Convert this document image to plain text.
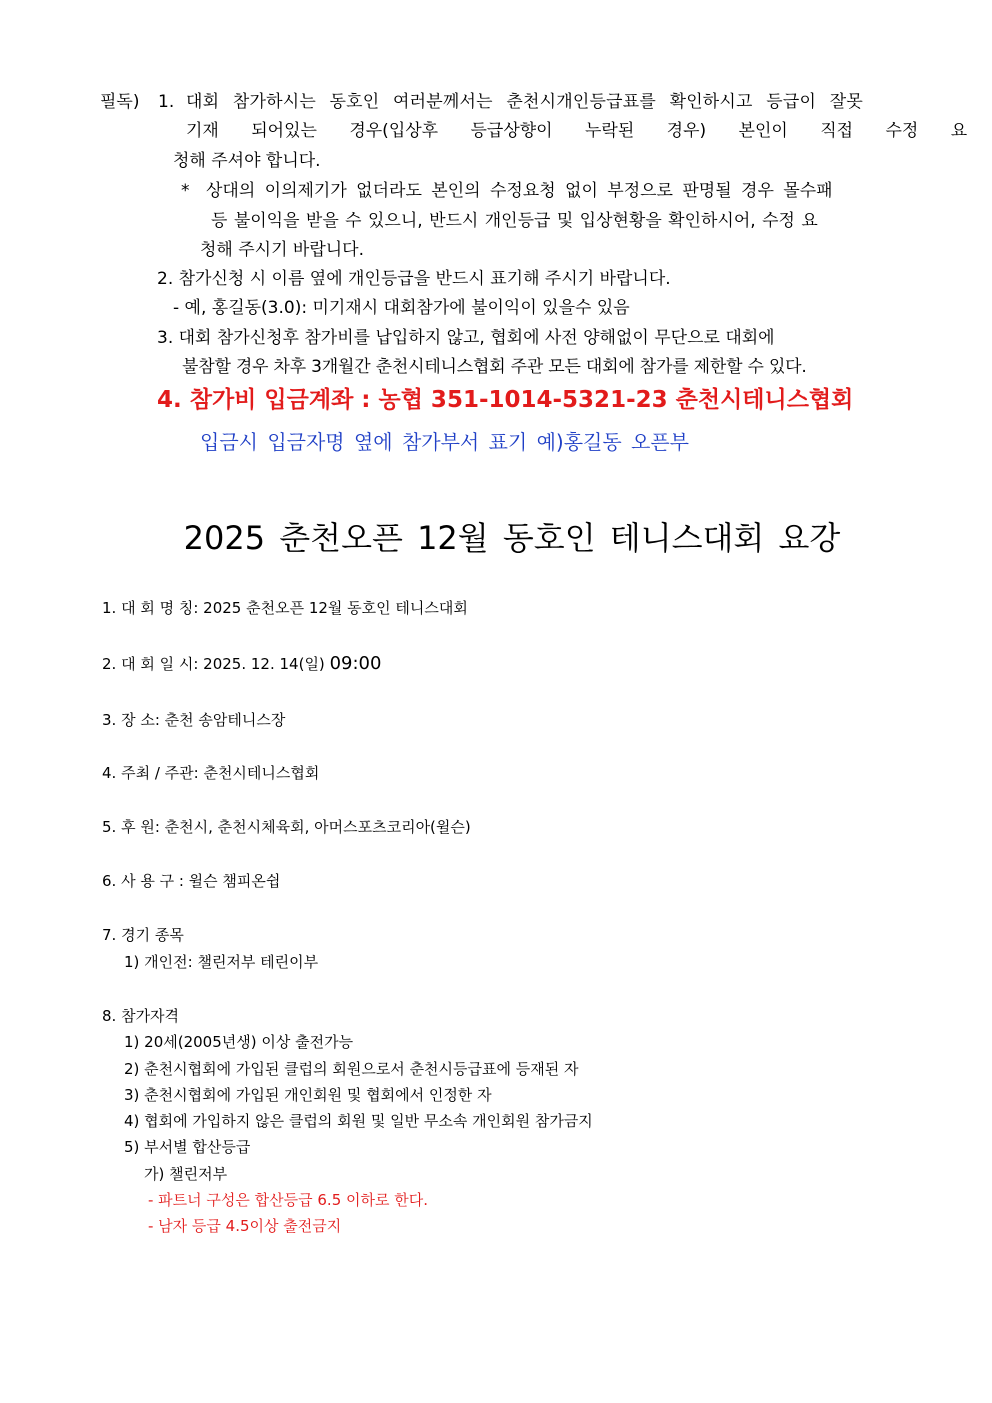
필독) 1. 대회 참가하시는 동호인 여러분께서는 춘천시개인등급표를 확인하시고 등급이 잘못
기재 되어있는 경우(입상후 등급상향이 누락된 경우) 본인이 직접 수정 요
청해 주셔야 합니다.
* 상대의 이의제기가 없더라도 본인의 수정요청 없이 부정으로 판명될 경우 몰수패
등 불이익을 받을 수 있으니, 반드시 개인등급 및 입상현황을 확인하시어, 수정 요
청해 주시기 바랍니다.
2. 참가신청 시 이름 옆에 개인등급을 반드시 표기해 주시기 바랍니다.
- 예, 홍길동(3.0): 미기재시 대회참가에 불이익이 있을수 있음
3. 대회 참가신청후 참가비를 납입하지 않고, 협회에 사전 양해없이 무단으로 대회에
불참할 경우 차후 3개월간 춘천시테니스협회 주관 모든 대회에 참가를 제한할 수 있다.
4. 참가비 입금계좌 : 농협 351-1014-5321-23 춘천시테니스협회
입금시 입금자명 옆에 참가부서 표기 예)홍길동 오픈부
2025 춘천오픈 12월 동호인 테니스대회 요강
1. 대 회 명 칭: 2025 춘천오픈 12월 동호인 테니스대회
2. 대 회 일 시: 2025. 12. 14(일) 09:00
3. 장 소: 춘천 송암테니스장
4. 주최 / 주관: 춘천시테니스협회
5. 후 원: 춘천시, 춘천시체육회, 아머스포츠코리아(윌슨)
6. 사 용 구 : 윌슨 챔피온쉽
7. 경기 종목
1) 개인전: 챌린저부 테린이부
8. 참가자격
1) 20세(2005년생) 이상 출전가능
2) 춘천시협회에 가입된 클럽의 회원으로서 춘천시등급표에 등재된 자
3) 춘천시협회에 가입된 개인회원 및 협회에서 인정한 자
4) 협회에 가입하지 않은 클럽의 회원 및 일반 무소속 개인회원 참가금지
5) 부서별 합산등급
가) 챌린저부
- 파트너 구성은 합산등급 6.5 이하로 한다.
- 남자 등급 4.5이상 출전금지
